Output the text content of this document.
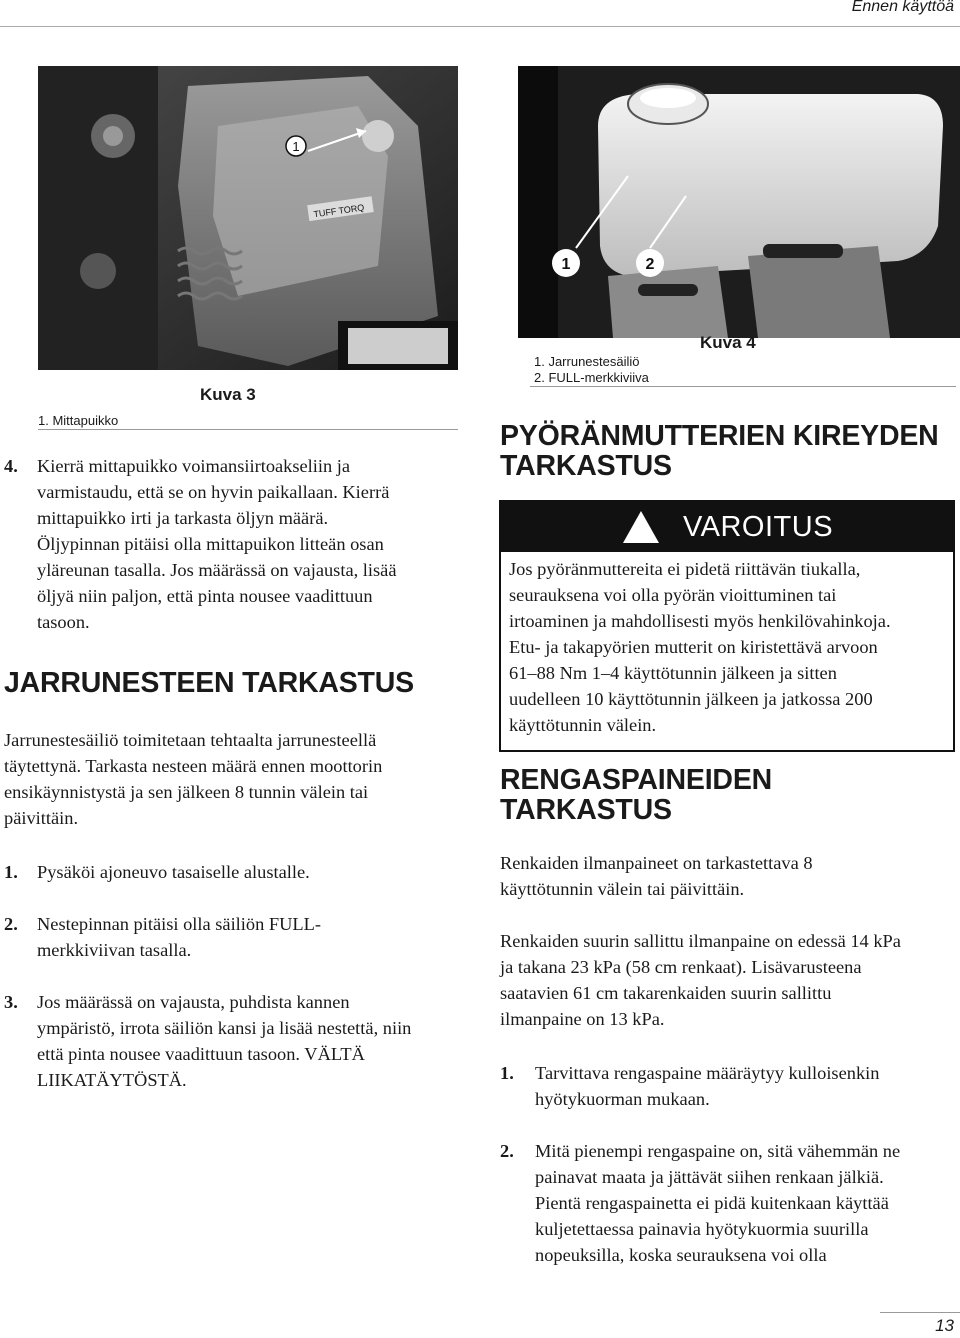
Ennen käyttöä
TUFF TORQ
1
Kuva 3
1. Mittapuikko
1	2
Kuva 4
1. Jarrunestesäiliö
2. FULL-merkkiviiva
4. Kierrä mittapuikko voimansiirtoakseliin ja
varmistaudu, että se on hyvin paikallaan. Kierrä
mittapuikko irti ja tarkasta öljyn määrä.
Öljypinnan pitäisi olla mittapuikon litteän osan
yläreunan tasalla. Jos määrässä on vajausta, lisää
öljyä niin paljon, että pinta nousee vaadittuun
tasoon.
JARRUNESTEEN TARKASTUS
Jarrunestesäiliö toimitetaan tehtaalta jarrunesteellä
täytettynä. Tarkasta nesteen määrä ennen moottorin
ensikäynnistystä ja sen jälkeen 8 tunnin välein tai
päivittäin.
1. Pysäköi ajoneuvo tasaiselle alustalle.
2. Nestepinnan pitäisi olla säiliön FULL-
merkkiviivan tasalla.
3. Jos määrässä on vajausta, puhdista kannen
ympäristö, irrota säiliön kansi ja lisää nestettä, niin
että pinta nousee vaadittuun tasoon. VÄLTÄ
LIIKATÄYTÖSTÄ.
PYÖRÄNMUTTERIEN KIREYDEN
TARKASTUS
VAROITUS
!
Jos pyöränmuttereita ei pidetä riittävän tiukalla,
seurauksena voi olla pyörän vioittuminen tai
irtoaminen ja mahdollisesti myös henkilövahinkoja.
Etu- ja takapyörien mutterit on kiristettävä arvoon
61–88 Nm 1–4 käyttötunnin jälkeen ja sitten
uudelleen 10 käyttötunnin jälkeen ja jatkossa 200
käyttötunnin välein.
RENGASPAINEIDEN
TARKASTUS
Renkaiden ilmanpaineet on tarkastettava 8
käyttötunnin välein tai päivittäin.
Renkaiden suurin sallittu ilmanpaine on edessä 14 kPa
ja takana 23 kPa (58 cm renkaat). Lisävarusteena
saatavien 61 cm takarenkaiden suurin sallittu
ilmanpaine on 13 kPa.
1. Tarvittava rengaspaine määräytyy kulloisenkin
hyötykuorman mukaan.
2. Mitä pienempi rengaspaine on, sitä vähemmän ne
painavat maata ja jättävät siihen renkaan jälkiä.
Pientä rengaspainetta ei pidä kuitenkaan käyttää
kuljetettaessa painavia hyötykuormia suurilla
nopeuksilla, koska seurauksena voi olla
13
